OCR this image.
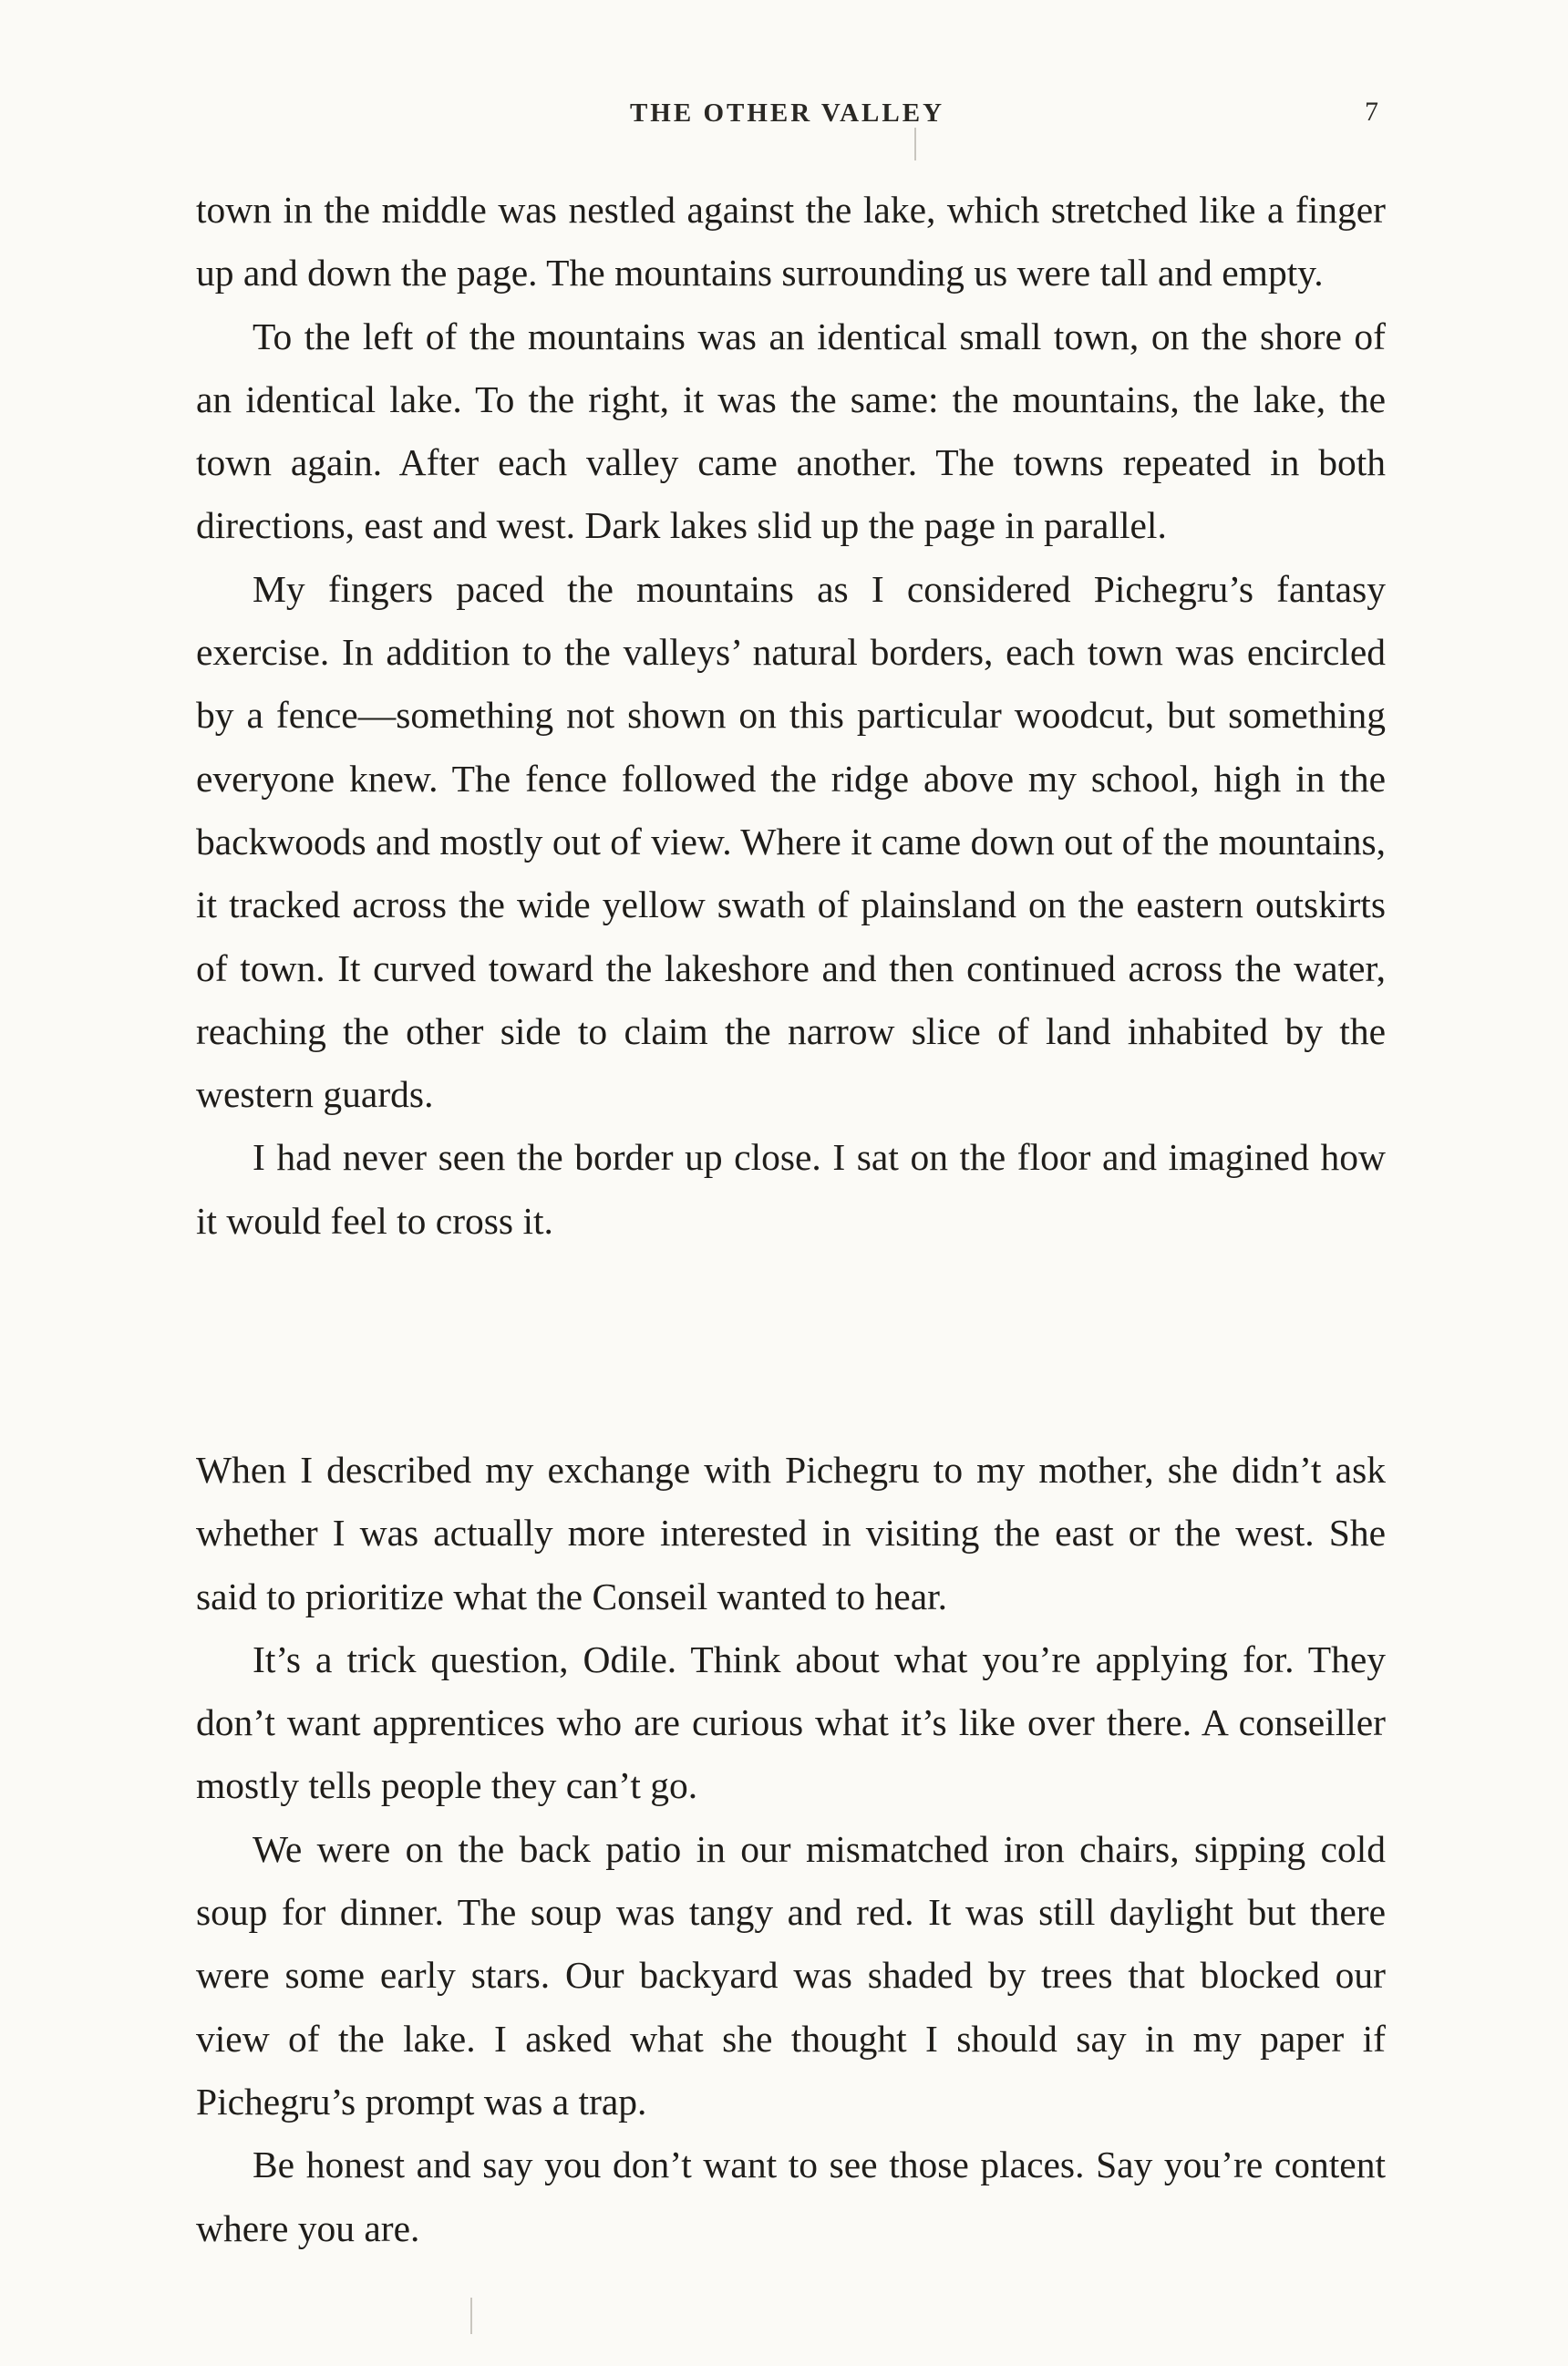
THE OTHER VALLEY	7

town in the middle was nestled against the lake, which stretched like a finger up and down the page. The mountains surrounding us were tall and empty.

To the left of the mountains was an identical small town, on the shore of an identical lake. To the right, it was the same: the mountains, the lake, the town again. After each valley came another. The towns repeated in both directions, east and west. Dark lakes slid up the page in parallel.

My fingers paced the mountains as I considered Pichegru’s fantasy exercise. In addition to the valleys’ natural borders, each town was encircled by a fence—something not shown on this particular woodcut, but something everyone knew. The fence followed the ridge above my school, high in the backwoods and mostly out of view. Where it came down out of the mountains, it tracked across the wide yellow swath of plainsland on the eastern outskirts of town. It curved toward the lakeshore and then continued across the water, reaching the other side to claim the narrow slice of land inhabited by the western guards.

I had never seen the border up close. I sat on the floor and imagined how it would feel to cross it.

When I described my exchange with Pichegru to my mother, she didn’t ask whether I was actually more interested in visiting the east or the west. She said to prioritize what the Conseil wanted to hear.

It’s a trick question, Odile. Think about what you’re applying for. They don’t want apprentices who are curious what it’s like over there. A conseiller mostly tells people they can’t go.

We were on the back patio in our mismatched iron chairs, sipping cold soup for dinner. The soup was tangy and red. It was still daylight but there were some early stars. Our backyard was shaded by trees that blocked our view of the lake. I asked what she thought I should say in my paper if Pichegru’s prompt was a trap.

Be honest and say you don’t want to see those places. Say you’re content where you are.
